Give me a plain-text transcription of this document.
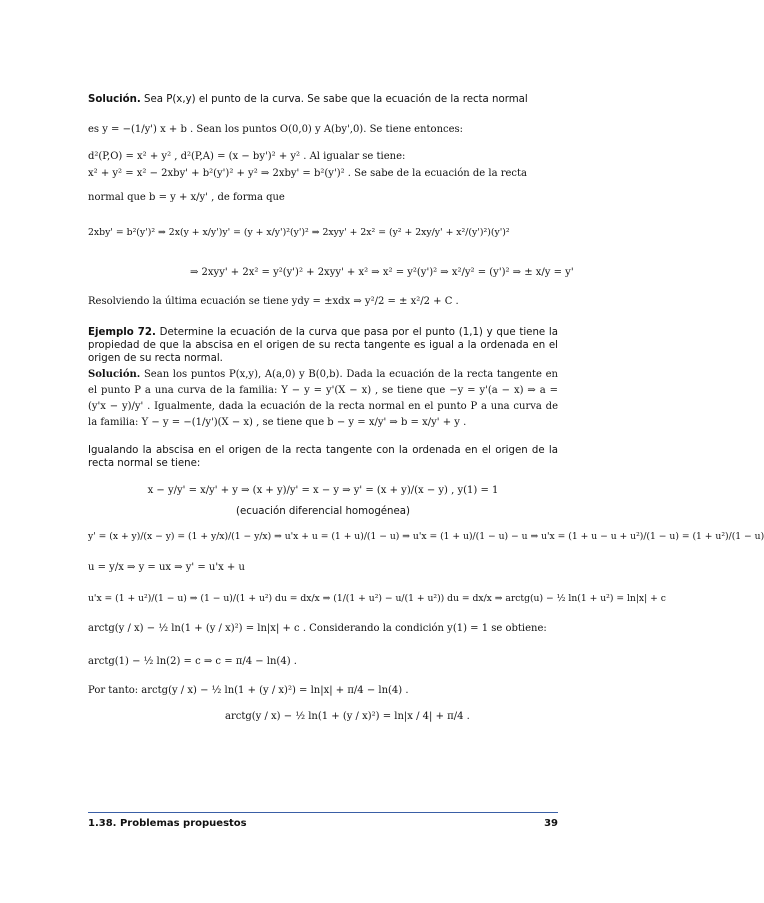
Solución. Sea P(x,y) el punto de la curva. Se sabe que la ecuación de la recta normal
es y = −(1/y') x + b . Sean los puntos O(0,0) y A(by',0). Se tiene entonces:
d²(P,O) = x² + y² , d²(P,A) = (x − by')² + y² . Al igualar se tiene:
x² + y² = x² − 2xby' + b²(y')² + y² ⇒ 2xby' = b²(y')² . Se sabe de la ecuación de la recta
normal que b = y + x/y' , de forma que
2xby' = b²(y')² ⇒ 2x(y + x/y')y' = (y + x/y')²(y')² ⇒ 2xyy' + 2x² = (y² + 2xy/y' + x²/(y')²)(y')²
⇒ 2xyy' + 2x² = y²(y')² + 2xyy' + x² ⇒ x² = y²(y')² ⇒ x²/y² = (y')² ⇒ ± x/y = y'
Resolviendo la última ecuación se tiene ydy = ±xdx ⇒ y²/2 = ± x²/2 + C .
Ejemplo 72. Determine la ecuación de la curva que pasa por el punto (1,1) y que tiene la propiedad de que la abscisa en el origen de su recta tangente es igual a la ordenada en el origen de su recta normal.
Solución. Sean los puntos P(x,y), A(a,0) y B(0,b). Dada la ecuación de la recta tangente en el punto P a una curva de la familia: Y − y = y'(X − x) , se tiene que −y = y'(a − x) ⇒ a = (y'x − y)/y' . Igualmente, dada la ecuación de la recta normal en el punto P a una curva de la familia: Y − y = −(1/y')(X − x) , se tiene que b − y = x/y' ⇒ b = x/y' + y .
Igualando la abscisa en el origen de la recta tangente con la ordenada en el origen de la recta normal se tiene:
x − y/y' = x/y' + y ⇒ (x + y)/y' = x − y ⇒ y' = (x + y)/(x − y) , y(1) = 1
(ecuación diferencial homogénea)
y' = (x + y)/(x − y) = (1 + y/x)/(1 − y/x) ⇒ u'x + u = (1 + u)/(1 − u) ⇒ u'x = (1 + u)/(1 − u) − u ⇒ u'x = (1 + u − u + u²)/(1 − u) = (1 + u²)/(1 − u)
u = y/x ⇒ y = ux ⇒ y' = u'x + u
u'x = (1 + u²)/(1 − u) ⇒ (1 − u)/(1 + u²) du = dx/x ⇒ (1/(1 + u²) − u/(1 + u²)) du = dx/x ⇒ arctg(u) − ½ ln(1 + u²) = ln|x| + c
arctg(y / x) − ½ ln(1 + (y / x)²) = ln|x| + c . Considerando la condición y(1) = 1 se obtiene:
arctg(1) − ½ ln(2) = c ⇒ c = π/4 − ln(4) .
Por tanto: arctg(y / x) − ½ ln(1 + (y / x)²) = ln|x| + π/4 − ln(4) .
arctg(y / x) − ½ ln(1 + (y / x)²) = ln|x / 4| + π/4 .
1.38. Problemas propuestos	39
